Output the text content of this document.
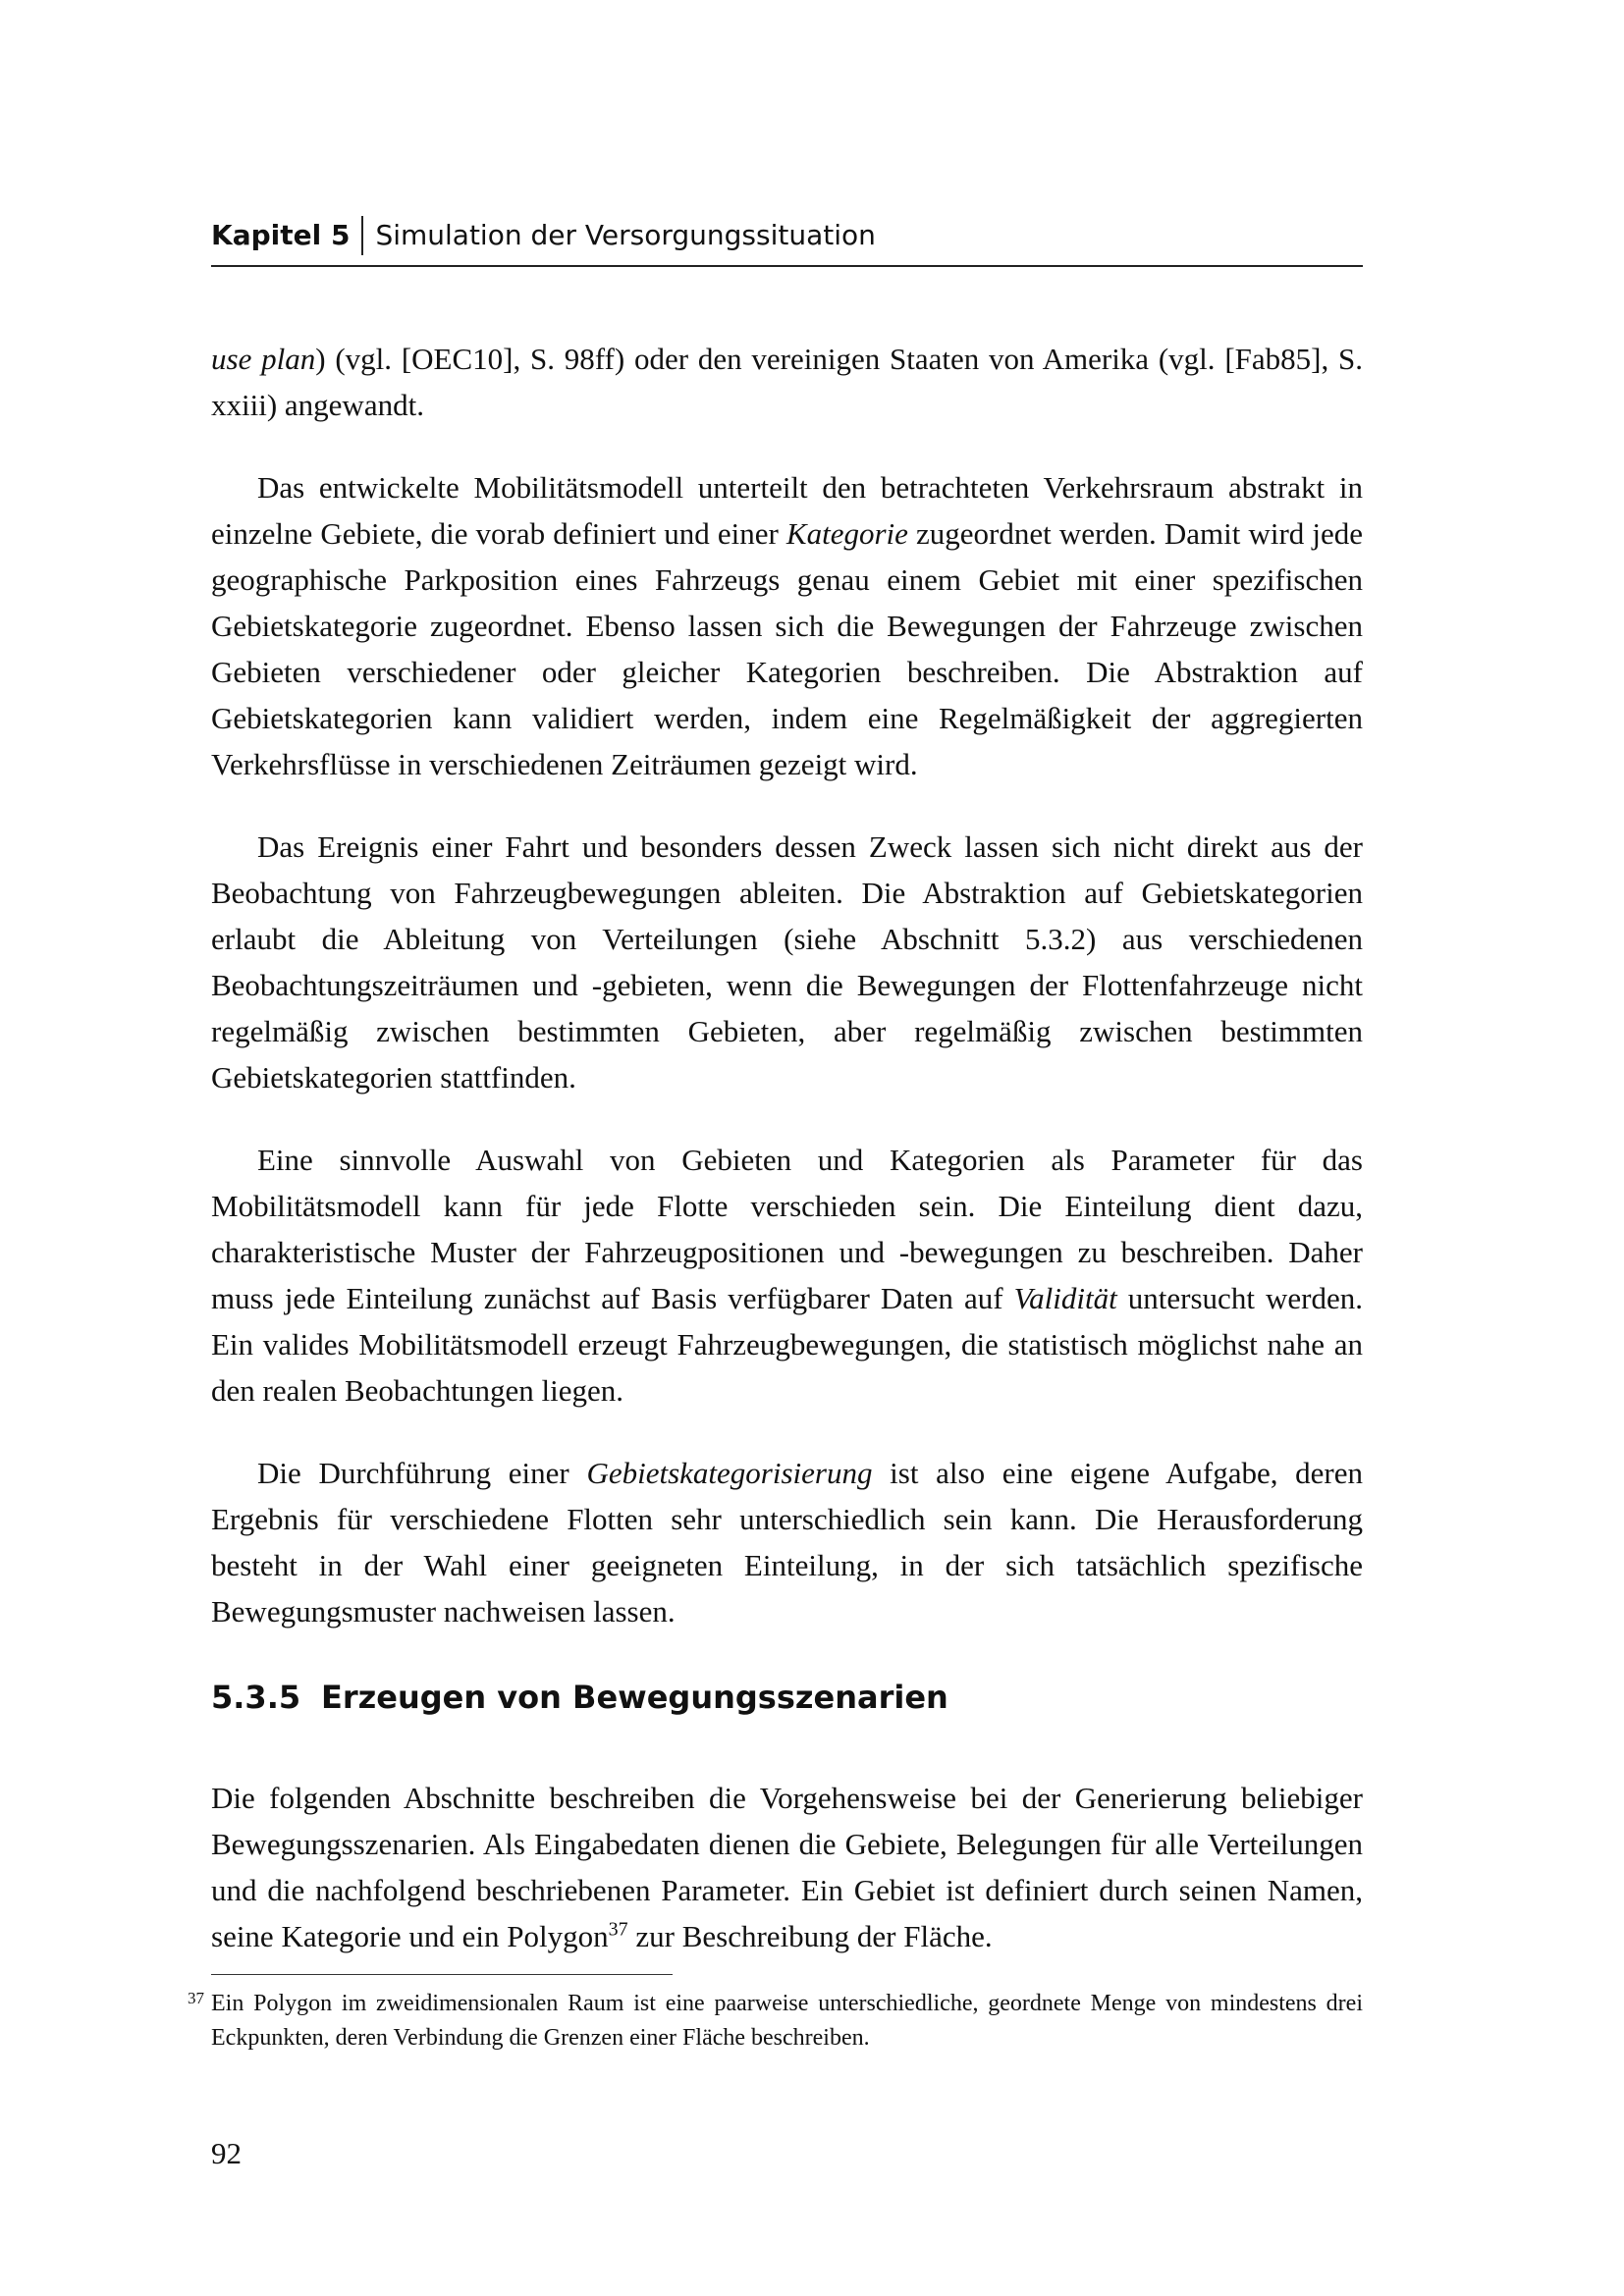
Kapitel 5 Simulation der Versorgungssituation

use plan) (vgl. [OEC10], S. 98ff) oder den vereinigen Staaten von Amerika (vgl. [Fab85], S. xxiii) angewandt.

Das entwickelte Mobilitätsmodell unterteilt den betrachteten Verkehrsraum abstrakt in einzelne Gebiete, die vorab definiert und einer Kategorie zugeordnet werden. Damit wird jede geographische Parkposition eines Fahrzeugs genau einem Gebiet mit einer spezifischen Gebietskategorie zugeordnet. Ebenso lassen sich die Bewegungen der Fahrzeuge zwischen Gebieten verschiedener oder gleicher Kategorien beschreiben. Die Abstraktion auf Gebietskategorien kann validiert werden, indem eine Regelmäßigkeit der aggregierten Verkehrsflüsse in verschiedenen Zeiträumen gezeigt wird.

Das Ereignis einer Fahrt und besonders dessen Zweck lassen sich nicht direkt aus der Beobachtung von Fahrzeugbewegungen ableiten. Die Abstraktion auf Gebietskategorien erlaubt die Ableitung von Verteilungen (siehe Abschnitt 5.3.2) aus verschiedenen Beobachtungszeiträumen und -gebieten, wenn die Bewegungen der Flottenfahrzeuge nicht regelmäßig zwischen bestimmten Gebieten, aber regelmäßig zwischen bestimmten Gebietskategorien stattfinden.

Eine sinnvolle Auswahl von Gebieten und Kategorien als Parameter für das Mobilitätsmodell kann für jede Flotte verschieden sein. Die Einteilung dient dazu, charakteristische Muster der Fahrzeugpositionen und -bewegungen zu beschreiben. Daher muss jede Einteilung zunächst auf Basis verfügbarer Daten auf Validität untersucht werden. Ein valides Mobilitätsmodell erzeugt Fahrzeugbewegungen, die statistisch möglichst nahe an den realen Beobachtungen liegen.

Die Durchführung einer Gebietskategorisierung ist also eine eigene Aufgabe, deren Ergebnis für verschiedene Flotten sehr unterschiedlich sein kann. Die Herausforderung besteht in der Wahl einer geeigneten Einteilung, in der sich tatsächlich spezifische Bewegungsmuster nachweisen lassen.

5.3.5 Erzeugen von Bewegungsszenarien

Die folgenden Abschnitte beschreiben die Vorgehensweise bei der Generierung beliebiger Bewegungsszenarien. Als Eingabedaten dienen die Gebiete, Belegungen für alle Verteilungen und die nachfolgend beschriebenen Parameter. Ein Gebiet ist definiert durch seinen Namen, seine Kategorie und ein Polygon$^{37}$ zur Beschreibung der Fläche.

37 Ein Polygon im zweidimensionalen Raum ist eine paarweise unterschiedliche, geordnete Menge von mindestens drei Eckpunkten, deren Verbindung die Grenzen einer Fläche beschreiben.
92
